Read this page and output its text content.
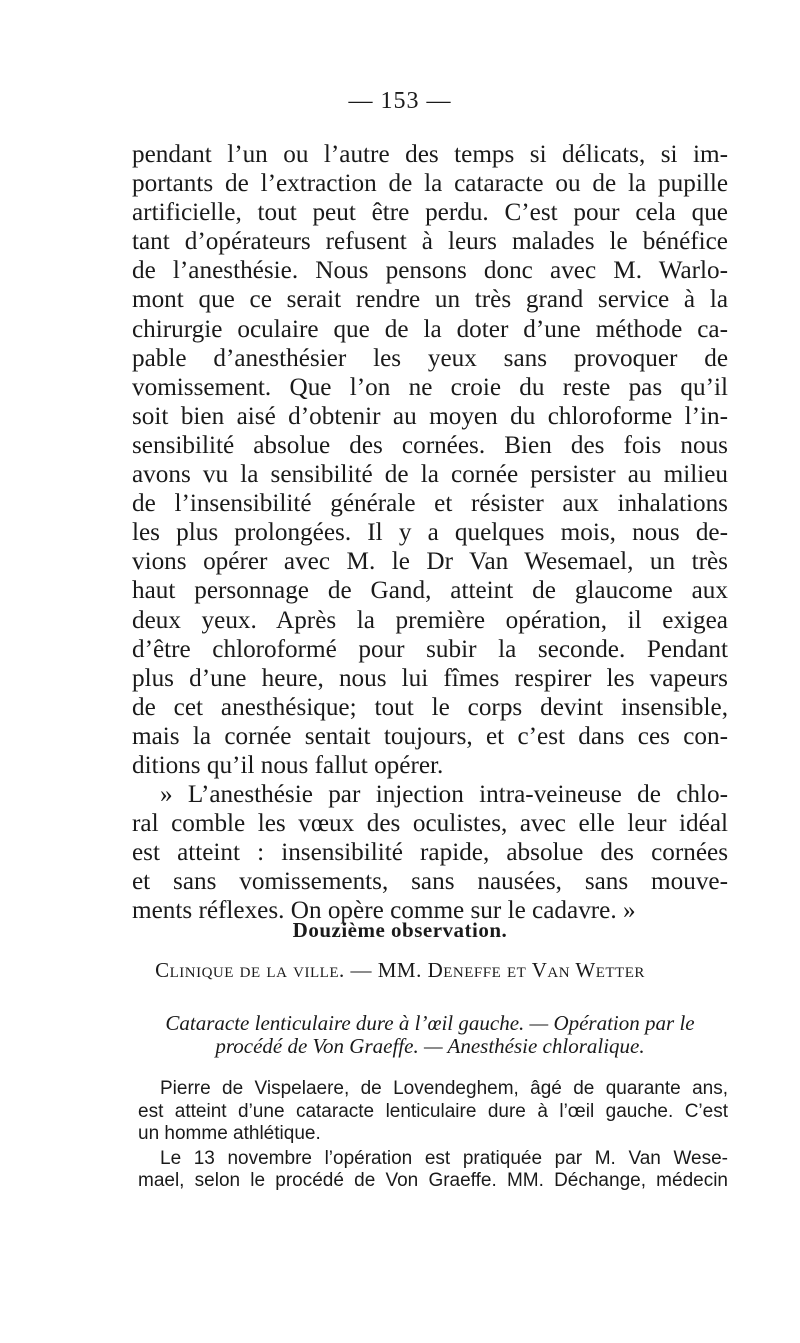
— 153 —
pendant l’un ou l’autre des temps si délicats, si im-
portants de l’extraction de la cataracte ou de la pupille
artificielle, tout peut être perdu. C’est pour cela que
tant d’opérateurs refusent à leurs malades le bénéfice
de l’anesthésie. Nous pensons donc avec M. Warlo-
mont que ce serait rendre un très grand service à la
chirurgie oculaire que de la doter d’une méthode ca-
pable d’anesthésier les yeux sans provoquer de
vomissement. Que l’on ne croie du reste pas qu’il
soit bien aisé d’obtenir au moyen du chloroforme l’in-
sensibilité absolue des cornées. Bien des fois nous
avons vu la sensibilité de la cornée persister au milieu
de l’insensibilité générale et résister aux inhalations
les plus prolongées. Il y a quelques mois, nous de-
vions opérer avec M. le Dr Van Wesemael, un très
haut personnage de Gand, atteint de glaucome aux
deux yeux. Après la première opération, il exigea
d’être chloroformé pour subir la seconde. Pendant
plus d’une heure, nous lui fîmes respirer les vapeurs
de cet anesthésique; tout le corps devint insensible,
mais la cornée sentait toujours, et c’est dans ces con-
ditions qu’il nous fallut opérer.
» L’anesthésie par injection intra-veineuse de chlo-
ral comble les vœux des oculistes, avec elle leur idéal
est atteint : insensibilité rapide, absolue des cornées
et sans vomissements, sans nausées, sans mouve-
ments réflexes. On opère comme sur le cadavre. »
Douzième observation.
Clinique de la ville. — MM. Deneffe et Van Wetter
Cataracte lenticulaire dure à l’œil gauche. — Opération par le
procédé de Von Graeffe. — Anesthésie chloralique.
Pierre de Vispelaere, de Lovendeghem, âgé de quarante ans,
est atteint d’une cataracte lenticulaire dure à l’œil gauche. C’est
un homme athlétique.
Le 13 novembre l’opération est pratiquée par M. Van Wese-
mael, selon le procédé de Von Graeffe. MM. Déchange, médecin
